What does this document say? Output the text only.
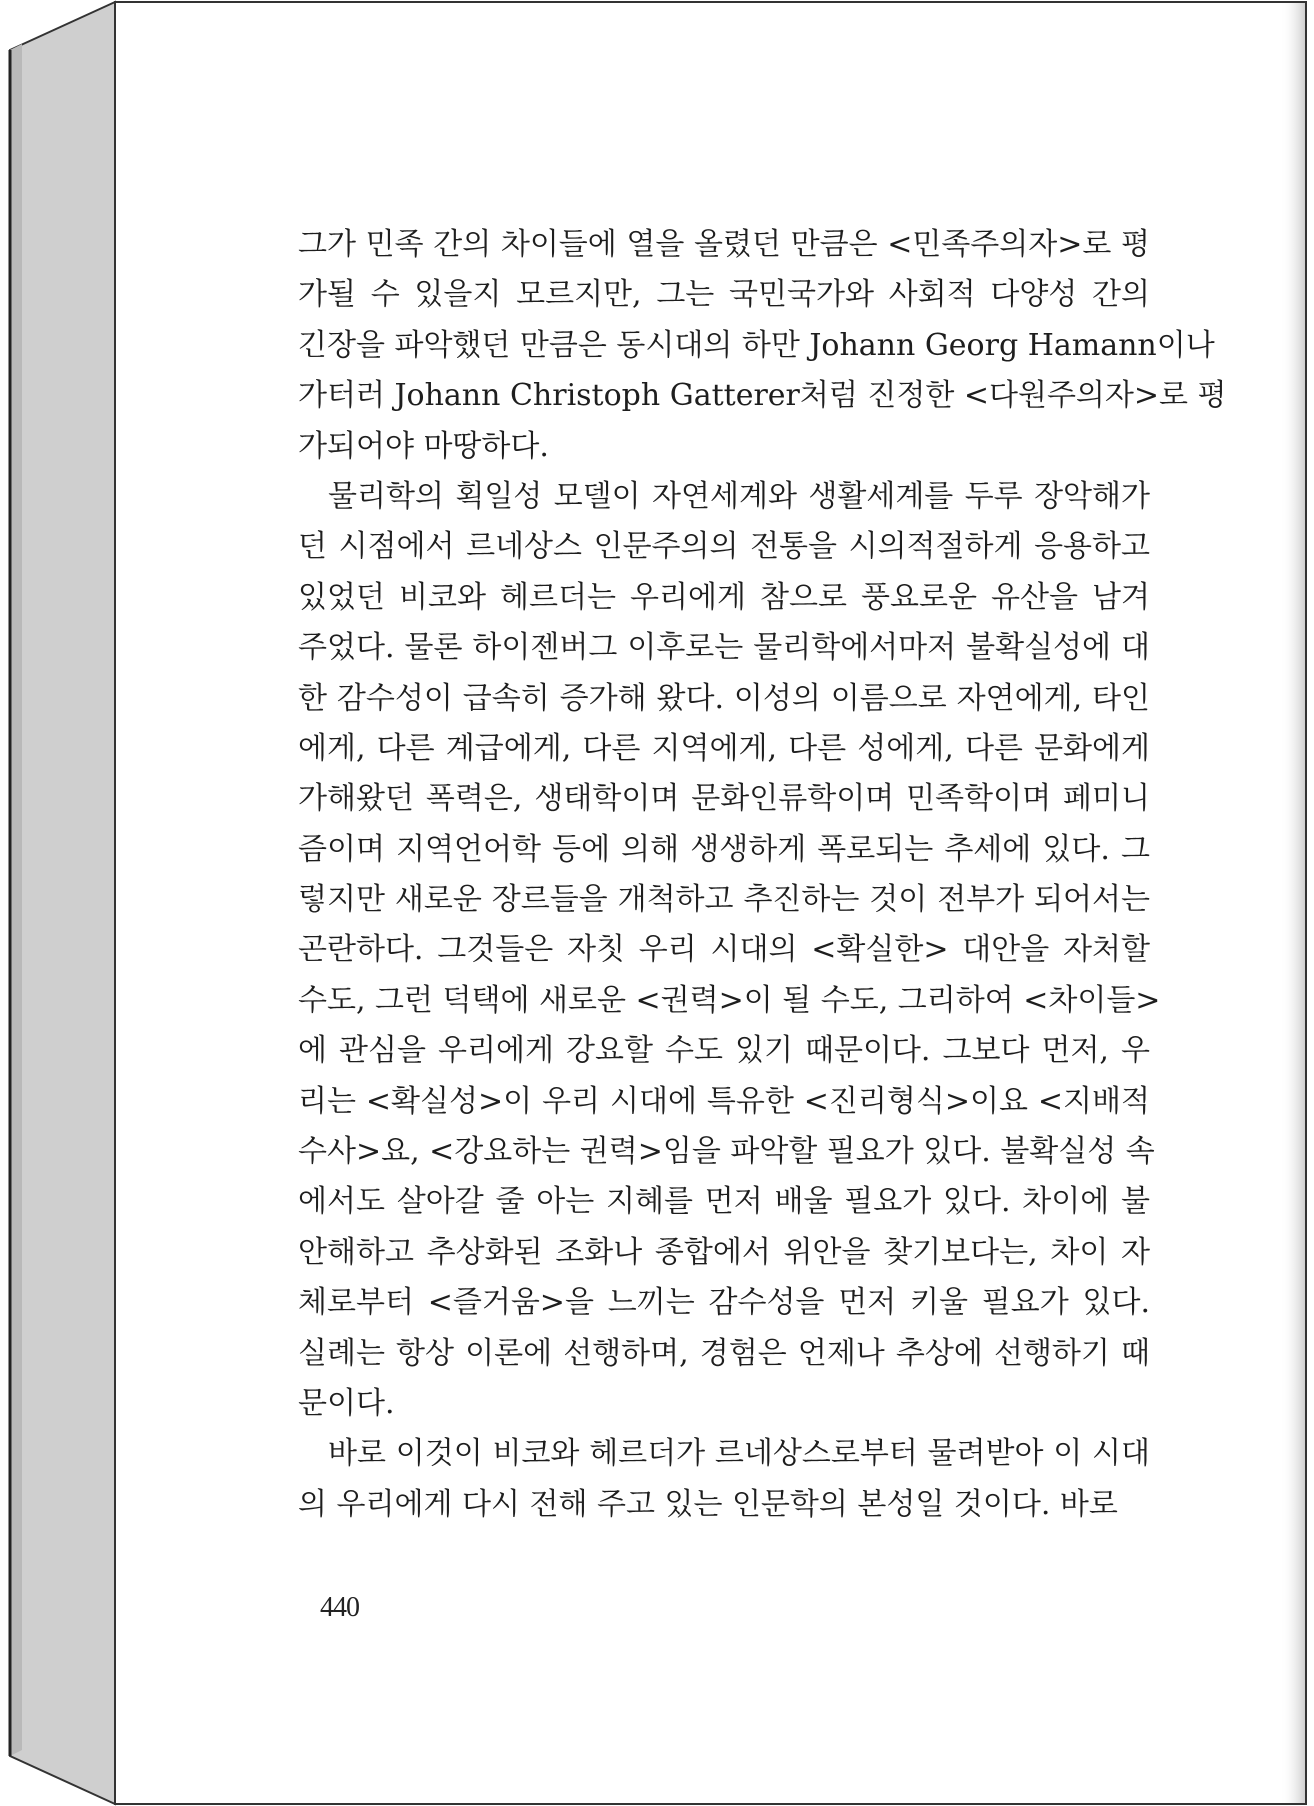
그가 민족 간의 차이들에 열을 올렸던 만큼은 <민족주의자>로 평
가될 수 있을지 모르지만, 그는 국민국가와 사회적 다양성 간의
긴장을 파악했던 만큼은 동시대의 하만 Johann Georg Hamann이나
가터러 Johann Christoph Gatterer처럼 진정한 <다원주의자>로 평
가되어야 마땅하다.
물리학의 획일성 모델이 자연세계와 생활세계를 두루 장악해가
던 시점에서 르네상스 인문주의의 전통을 시의적절하게 응용하고
있었던 비코와 헤르더는 우리에게 참으로 풍요로운 유산을 남겨
주었다. 물론 하이젠버그 이후로는 물리학에서마저 불확실성에 대
한 감수성이 급속히 증가해 왔다. 이성의 이름으로 자연에게, 타인
에게, 다른 계급에게, 다른 지역에게, 다른 성에게, 다른 문화에게
가해왔던 폭력은, 생태학이며 문화인류학이며 민족학이며 페미니
즘이며 지역언어학 등에 의해 생생하게 폭로되는 추세에 있다. 그
렇지만 새로운 장르들을 개척하고 추진하는 것이 전부가 되어서는
곤란하다. 그것들은 자칫 우리 시대의 <확실한> 대안을 자처할
수도, 그런 덕택에 새로운 <권력>이 될 수도, 그리하여 <차이들>
에 관심을 우리에게 강요할 수도 있기 때문이다. 그보다 먼저, 우
리는 <확실성>이 우리 시대에 특유한 <진리형식>이요 <지배적
수사>요, <강요하는 권력>임을 파악할 필요가 있다. 불확실성 속
에서도 살아갈 줄 아는 지혜를 먼저 배울 필요가 있다. 차이에 불
안해하고 추상화된 조화나 종합에서 위안을 찾기보다는, 차이 자
체로부터 <즐거움>을 느끼는 감수성을 먼저 키울 필요가 있다.
실례는 항상 이론에 선행하며, 경험은 언제나 추상에 선행하기 때
문이다.
바로 이것이 비코와 헤르더가 르네상스로부터 물려받아 이 시대
의 우리에게 다시 전해 주고 있는 인문학의 본성일 것이다. 바로
440
